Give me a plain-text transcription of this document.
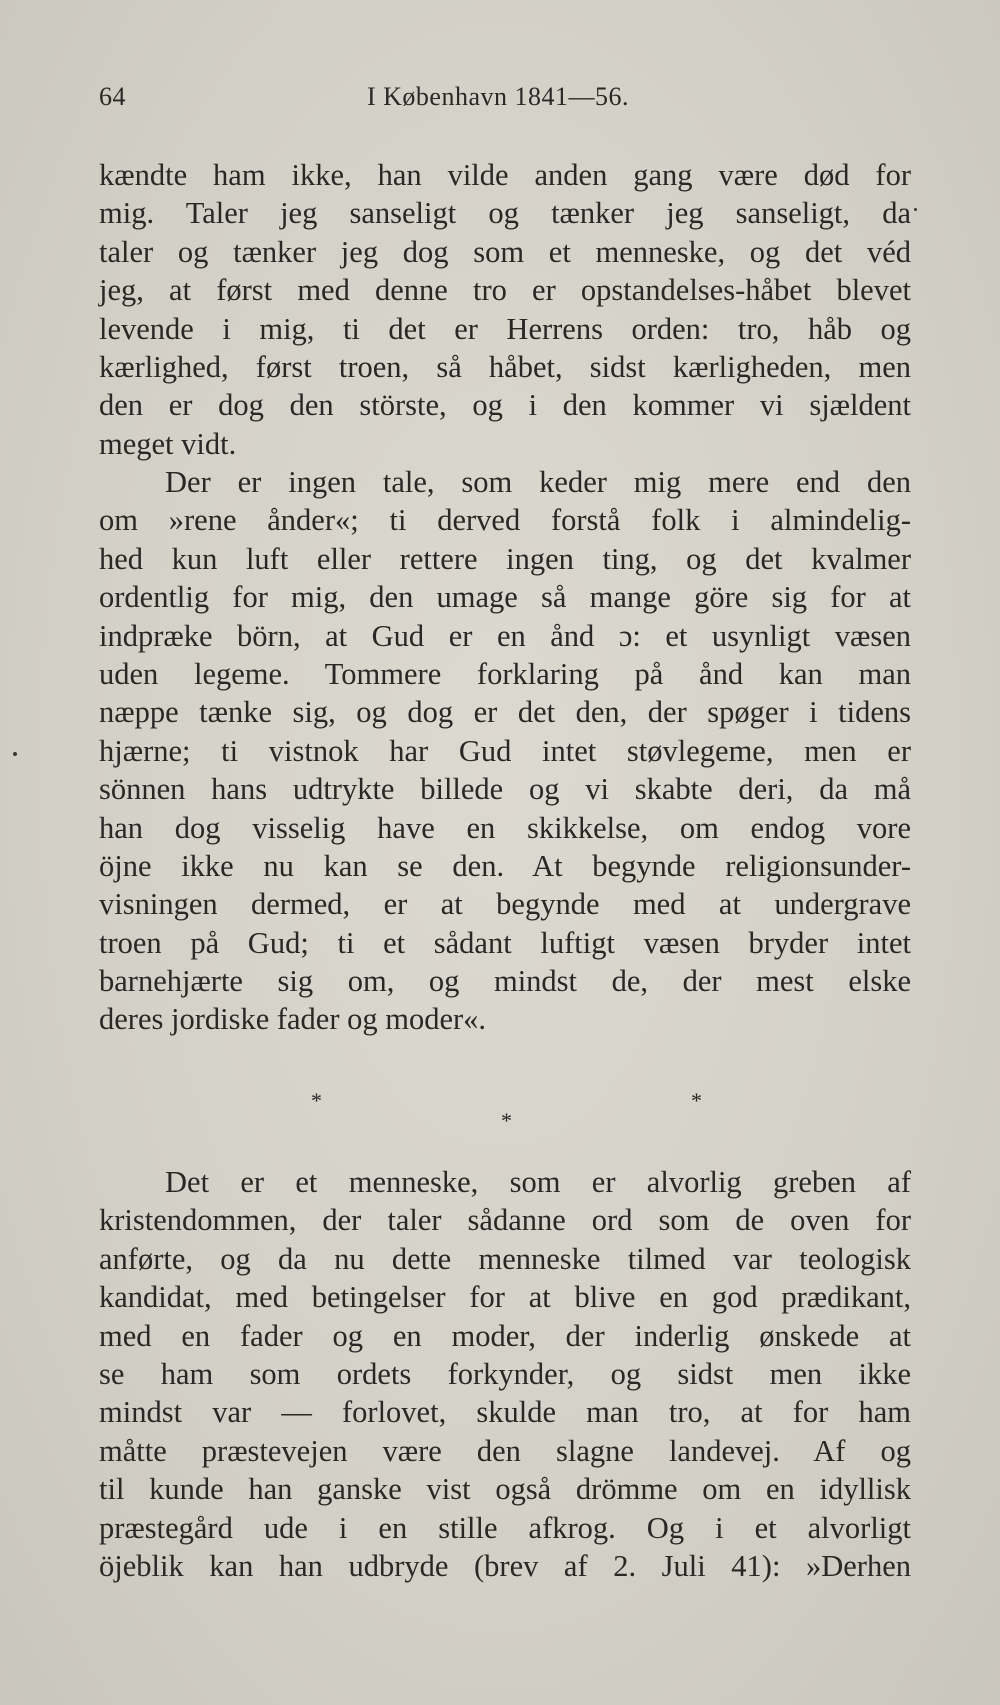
64	I København 1841—56.
kændte ham ikke, han vilde anden gang være død for
mig. Taler jeg sanseligt og tænker jeg sanseligt, da
taler og tænker jeg dog som et menneske, og det véd
jeg, at først med denne tro er opstandelses-håbet blevet
levende i mig, ti det er Herrens orden: tro, håb og
kærlighed, først troen, så håbet, sidst kærligheden, men
den er dog den störste, og i den kommer vi sjældent
meget vidt.
Der er ingen tale, som keder mig mere end den
om »rene ånder«; ti derved forstå folk i almindelig-
hed kun luft eller rettere ingen ting, og det kvalmer
ordentlig for mig, den umage så mange göre sig for at
indpræke börn, at Gud er en ånd ɔ: et usynligt væsen
uden legeme. Tommere forklaring på ånd kan man
næppe tænke sig, og dog er det den, der spøger i tidens
hjærne; ti vistnok har Gud intet støvlegeme, men er
sönnen hans udtrykte billede og vi skabte deri, da må
han dog visselig have en skikkelse, om endog vore
öjne ikke nu kan se den. At begynde religionsunder-
visningen dermed, er at begynde med at undergrave
troen på Gud; ti et sådant luftigt væsen bryder intet
barnehjærte sig om, og mindst de, der mest elske
deres jordiske fader og moder«.
*
*
*
Det er et menneske, som er alvorlig greben af
kristendommen, der taler sådanne ord som de oven for
anførte, og da nu dette menneske tilmed var teologisk
kandidat, med betingelser for at blive en god prædikant,
med en fader og en moder, der inderlig ønskede at
se ham som ordets forkynder, og sidst men ikke
mindst var — forlovet, skulde man tro, at for ham
måtte præstevejen være den slagne landevej. Af og
til kunde han ganske vist også drömme om en idyllisk
præstegård ude i en stille afkrog. Og i et alvorligt
öjeblik kan han udbryde (brev af 2. Juli 41): »Derhen
